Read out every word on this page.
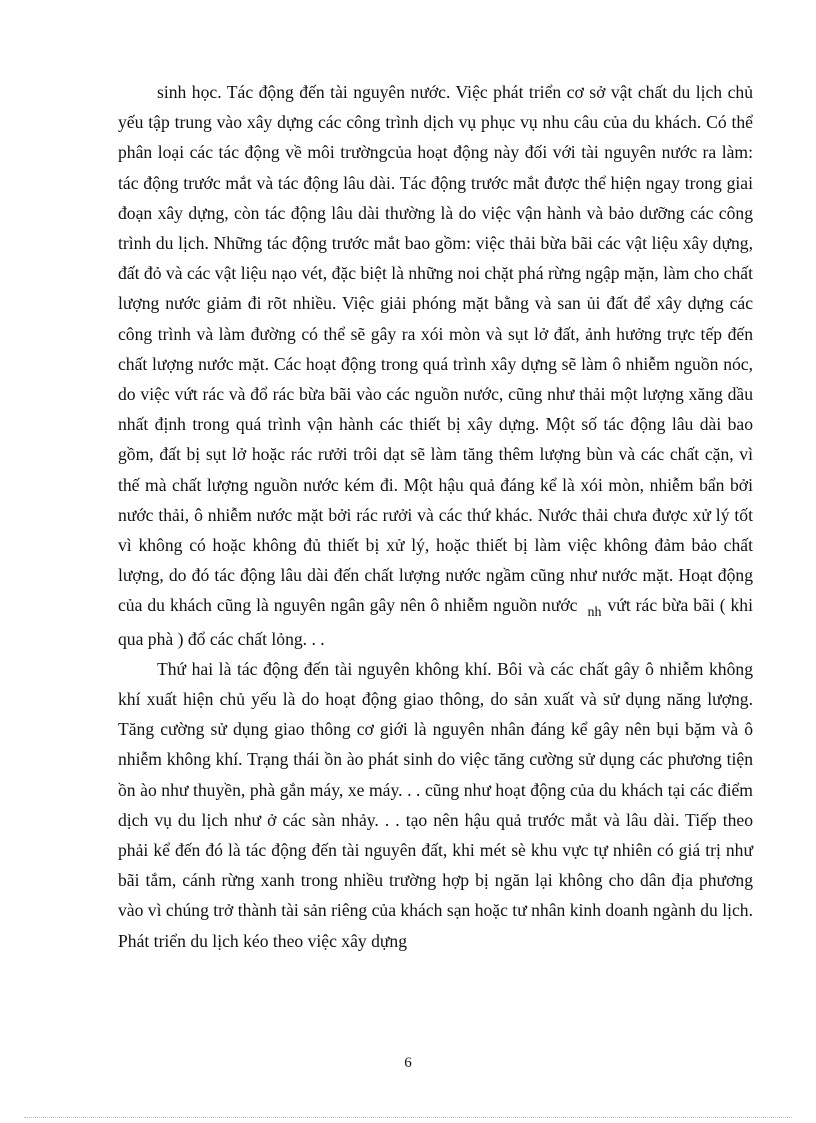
sinh học. Tác động đến tài nguyên nước. Việc phát triển cơ sở vật chất du lịch chủ yếu tập trung vào xây dựng các công trình dịch vụ phục vụ nhu câu của du khách. Có thể phân loại các tác động về môi trườngcủa hoạt động này đối với tài nguyên nước ra làm: tác động trước mắt và tác động lâu dài. Tác động trước mắt được thể hiện ngay trong giai đoạn xây dựng, còn tác động lâu dài thường là do việc vận hành và bảo dưỡng các công trình du lịch. Những tác động trước mắt bao gồm: việc thải bừa bãi các vật liệu xây dựng, đất đỏ và các vật liệu nạo vét, đặc biệt là những noi chặt phá rừng ngập mặn, làm cho chất lượng nước giảm đi rõt nhiều. Việc giải phóng mặt bằng và san ủi đất để xây dựng các công trình và làm đường có thể sẽ gây ra xói mòn và sụt lở đất, ảnh hưởng trực tếp đến chất lượng nước mặt. Các hoạt động trong quá trình xây dựng sẽ làm ô nhiễm nguồn nóc, do việc vứt rác và đổ rác bừa bãi vào các nguồn nước, cũng như thải một lượng xăng dầu nhất định trong quá trình vận hành các thiết bị xây dựng. Một số tác động lâu dài bao gồm, đất bị sụt lở hoặc rác rưởi trôi dạt sẽ làm tăng thêm lượng bùn và các chất cặn, vì thế mà chất lượng nguồn nước kém đi. Một hậu quả đáng kể là xói mòn, nhiễm bẩn bởi nước thải, ô nhiễm nước mặt bởi rác rưởi và các thứ khác. Nước thải chưa được xử lý tốt vì không có hoặc không đủ thiết bị xử lý, hoặc thiết bị làm việc không đảm bảo chất lượng, do đó tác động lâu dài đến chất lượng nước ngầm cũng như nước mặt. Hoạt động của du khách cũng là nguyên ngân gây nên ô nhiễm nguồn nước $_{nh}$ vứt rác bừa bãi ( khi qua phà ) đổ các chất lỏng. . .

Thứ hai là tác động đến tài nguyên không khí. Bôi và các chất gây ô nhiễm không khí xuất hiện chủ yếu là do hoạt động giao thông, do sản xuất và sử dụng năng lượng. Tăng cường sử dụng giao thông cơ giới là nguyên nhân đáng kể gây nên bụi bặm và ô nhiễm không khí. Trạng thái ồn ào phát sinh do việc tăng cường sử dụng các phương tiện ồn ào như thuyền, phà gắn máy, xe máy. . . cũng như hoạt động của du khách tại các điểm dịch vụ du lịch như ở các sàn nhảy. . . tạo nên hậu quả trước mắt và lâu dài. Tiếp theo phải kể đến đó là tác động đến tài nguyên đất, khi mét sè khu vực tự nhiên có giá trị như bãi tắm, cánh rừng xanh trong nhiều trường hợp bị ngăn lại không cho dân địa phương vào vì chúng trở thành tài sản riêng của khách sạn hoặc tư nhân kinh doanh ngành du lịch. Phát triển du lịch kéo theo việc xây dựng

6
